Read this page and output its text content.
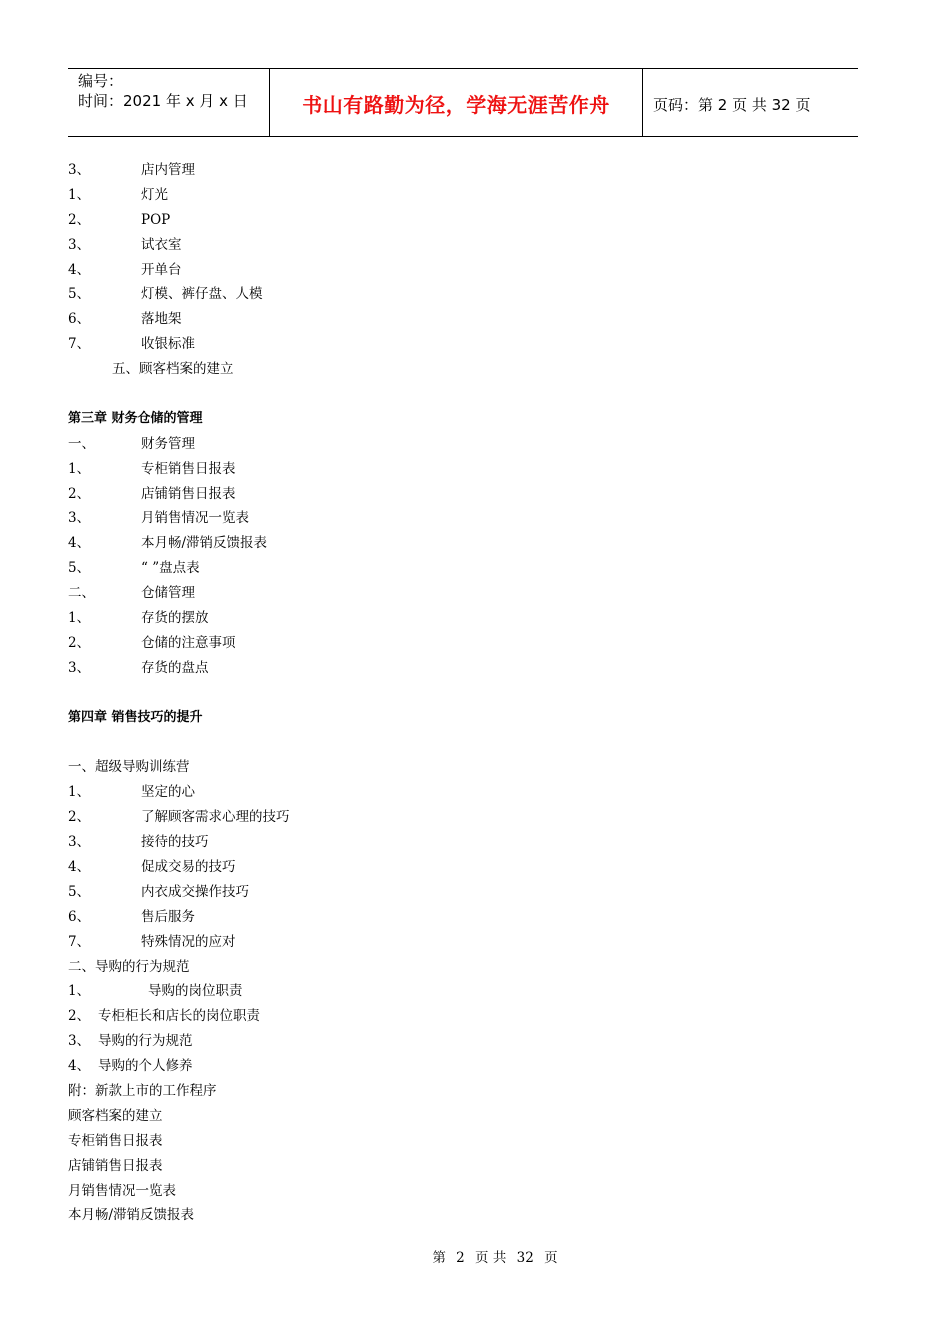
编号：
时间：2021 年 x 月 x 日	书山有路勤为径，学海无涯苦作舟	页码：第 2 页 共 32 页
3、	店内管理
1、	灯光
2、	POP
3、	试衣室
4、	开单台
5、	灯模、裤仔盘、人模
6、	落地架
7、	收银标准
五、顾客档案的建立
第三章 财务仓储的管理
一、	财务管理
1、	专柜销售日报表
2、	店铺销售日报表
3、	月销售情况一览表
4、	本月畅/滞销反馈报表
5、	“ ”盘点表
二、	仓储管理
1、	存货的摆放
2、	仓储的注意事项
3、	存货的盘点
第四章 销售技巧的提升
一、超级导购训练营
1、	坚定的心
2、	了解顾客需求心理的技巧
3、	接待的技巧
4、	促成交易的技巧
5、	内衣成交操作技巧
6、	售后服务
7、	特殊情况的应对
二、导购的行为规范
1、	导购的岗位职责
2、 专柜柜长和店长的岗位职责
3、 导购的行为规范
4、 导购的个人修养
附：新款上市的工作程序
顾客档案的建立
专柜销售日报表
店铺销售日报表
月销售情况一览表
本月畅/滞销反馈报表
第 2 页 共 32 页
